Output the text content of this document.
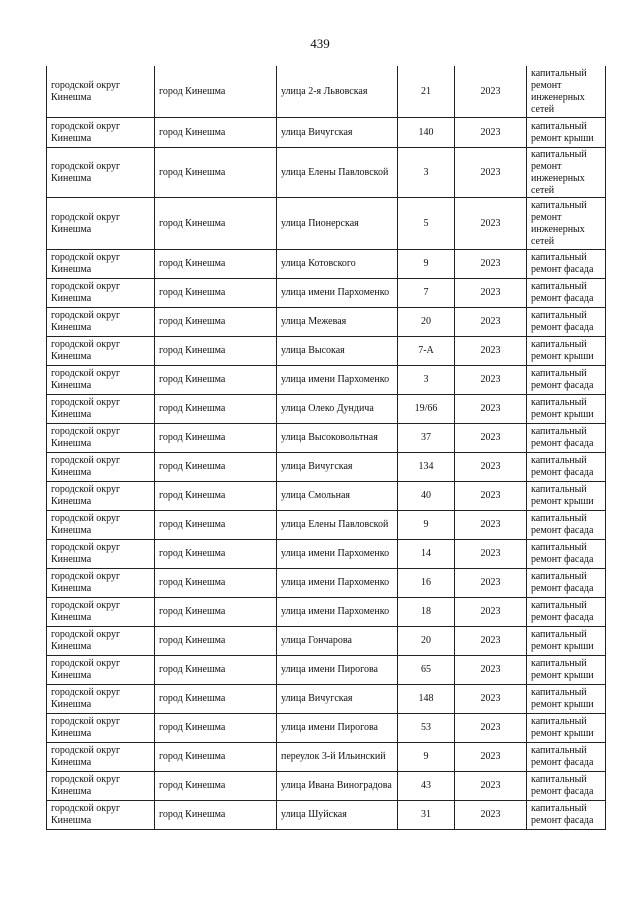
439
городской округ Кинешма	город Кинешма	улица 2-я Львовская	21	2023	капитальный ремонт инженерных сетей
городской округ Кинешма	город Кинешма	улица Вичугская	140	2023	капитальный ремонт крыши
городской округ Кинешма	город Кинешма	улица Елены Павловской	3	2023	капитальный ремонт инженерных сетей
городской округ Кинешма	город Кинешма	улица Пионерская	5	2023	капитальный ремонт инженерных сетей
городской округ Кинешма	город Кинешма	улица Котовского	9	2023	капитальный ремонт фасада
городской округ Кинешма	город Кинешма	улица имени Пархоменко	7	2023	капитальный ремонт фасада
городской округ Кинешма	город Кинешма	улица Межевая	20	2023	капитальный ремонт фасада
городской округ Кинешма	город Кинешма	улица Высокая	7-А	2023	капитальный ремонт крыши
городской округ Кинешма	город Кинешма	улица имени Пархоменко	3	2023	капитальный ремонт фасада
городской округ Кинешма	город Кинешма	улица Олеко Дундича	19/66	2023	капитальный ремонт крыши
городской округ Кинешма	город Кинешма	улица Высоковольтная	37	2023	капитальный ремонт фасада
городской округ Кинешма	город Кинешма	улица Вичугская	134	2023	капитальный ремонт фасада
городской округ Кинешма	город Кинешма	улица Смольная	40	2023	капитальный ремонт крыши
городской округ Кинешма	город Кинешма	улица Елены Павловской	9	2023	капитальный ремонт фасада
городской округ Кинешма	город Кинешма	улица имени Пархоменко	14	2023	капитальный ремонт фасада
городской округ Кинешма	город Кинешма	улица имени Пархоменко	16	2023	капитальный ремонт фасада
городской округ Кинешма	город Кинешма	улица имени Пархоменко	18	2023	капитальный ремонт фасада
городской округ Кинешма	город Кинешма	улица Гончарова	20	2023	капитальный ремонт крыши
городской округ Кинешма	город Кинешма	улица имени Пирогова	65	2023	капитальный ремонт крыши
городской округ Кинешма	город Кинешма	улица Вичугская	148	2023	капитальный ремонт крыши
городской округ Кинешма	город Кинешма	улица имени Пирогова	53	2023	капитальный ремонт крыши
городской округ Кинешма	город Кинешма	переулок 3-й Ильинский	9	2023	капитальный ремонт фасада
городской округ Кинешма	город Кинешма	улица Ивана Виноградова	43	2023	капитальный ремонт фасада
городской округ Кинешма	город Кинешма	улица Шуйская	31	2023	капитальный ремонт фасада
